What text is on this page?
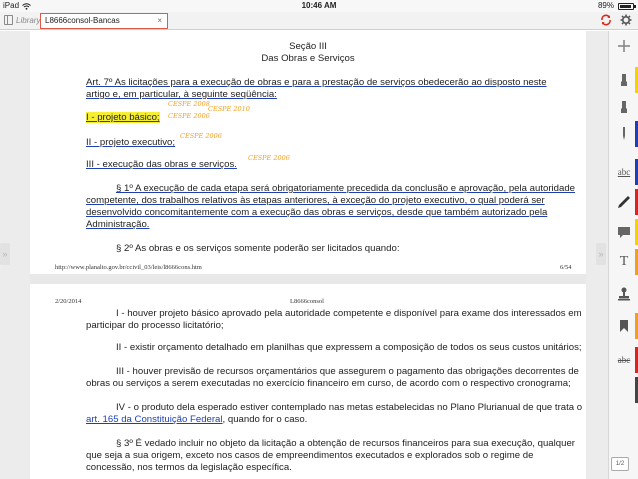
iPad	10:46 AM	89%
Library L8666consol-Bancas	×
»	»
Seção III
Das Obras e Serviços
Art. 7º As licitações para a execução de obras e para a prestação de serviços obedecerão ao disposto neste
artigo e, em particular, à seguinte seqüência:
I - projeto básico;
CESPE 2008
CESPE 2010
CESPE 2006
II - projeto executivo;
CESPE 2006
III - execução das obras e serviços.
CESPE 2006
§ 1º A execução de cada etapa será obrigatoriamente precedida da conclusão e aprovação, pela autoridade
competente, dos trabalhos relativos às etapas anteriores, à exceção do projeto executivo, o qual poderá ser
desenvolvido concomitantemente com a execução das obras e serviços, desde que também autorizado pela
Administração.
§ 2º As obras e os serviços somente poderão ser licitados quando:
http://www.planalto.gov.br/ccivil_03/leis/l8666cons.htm	6/54
2/20/2014	L8666consol
I - houver projeto básico aprovado pela autoridade competente e disponível para exame dos interessados em
participar do processo licitatório;
II - existir orçamento detalhado em planilhas que expressem a composição de todos os seus custos unitários;
III - houver previsão de recursos orçamentários que assegurem o pagamento das obrigações decorrentes de
obras ou serviços a serem executadas no exercício financeiro em curso, de acordo com o respectivo cronograma;
IV - o produto dela esperado estiver contemplado nas metas estabelecidas no Plano Plurianual de que trata o
art. 165 da Constituição Federal, quando for o caso.
§ 3º É vedado incluir no objeto da licitação a obtenção de recursos financeiros para sua execução, qualquer
que seja a sua origem, exceto nos casos de empreendimentos executados e explorados sob o regime de
concessão, nos termos da legislação específica.
abc
T
abc
1/2
